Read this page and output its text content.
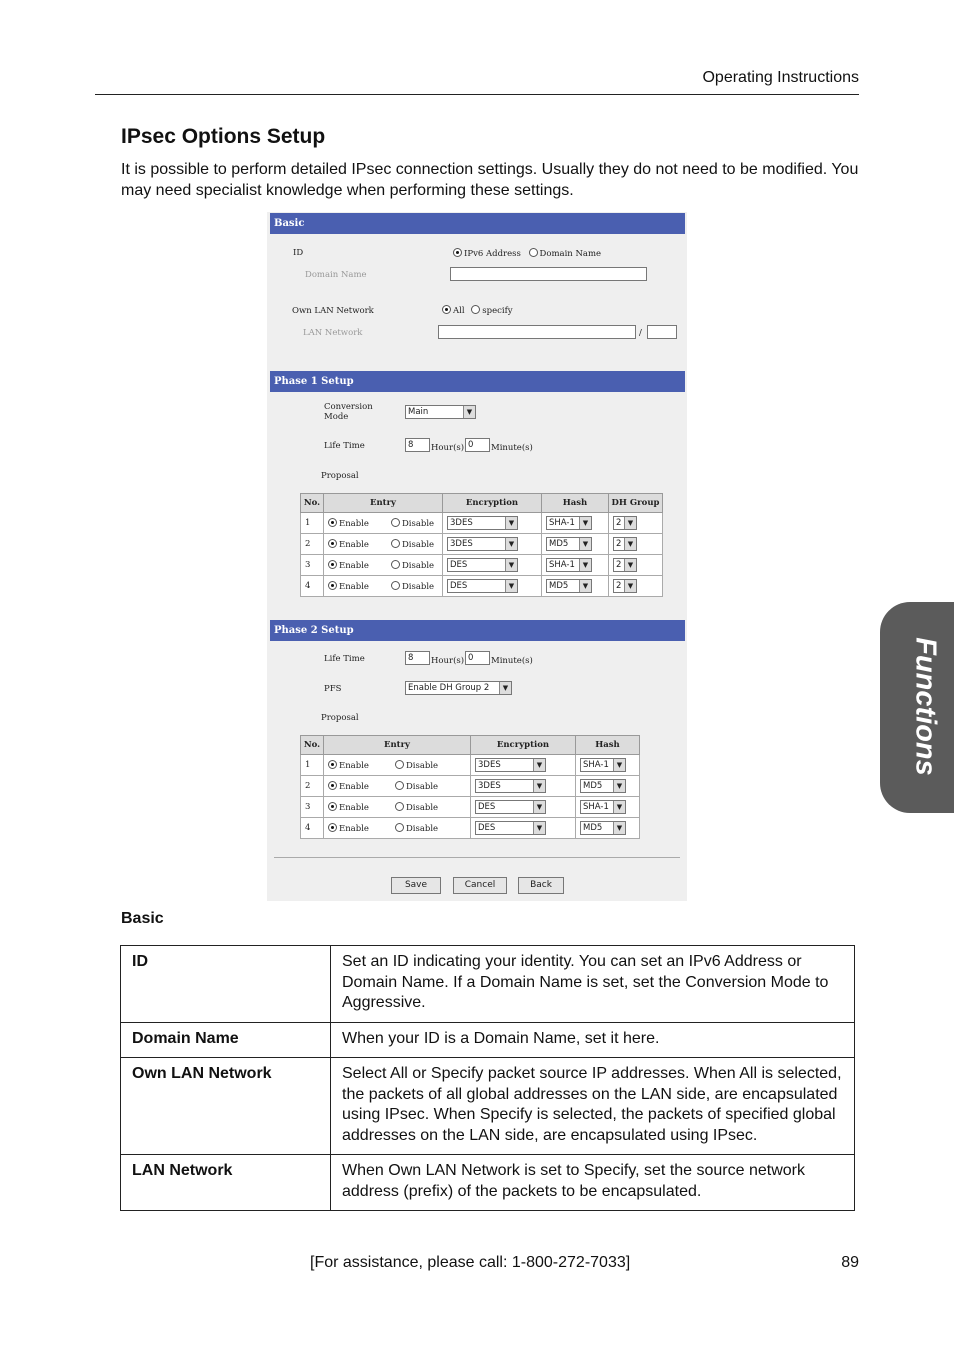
Operating Instructions
IPsec Options Setup

It is possible to perform detailed IPsec connection settings. Usually they do not need to be modified. You may need specialist knowledge when performing these settings.

Basic
ID	IPv6 Address Domain Name
Domain Name
Own LAN Network	All specify
LAN Network	/
Phase 1 Setup
Conversion Mode	Main	▼
Life Time	8	Hour(s) 0	Minute(s)
Proposal
No.	Entry	Encryption	Hash	DH Group
1	Enable Disable	3DES ▼	SHA-1 ▼	2 ▼

2	Enable Disable	3DES ▼	MD5 ▼	2 ▼

3	Enable Disable	DES ▼	SHA-1 ▼	2 ▼

4	Enable Disable	DES ▼	MD5 ▼	2 ▼
Phase 2 Setup
Life Time	8	Hour(s) 0	Minute(s)
PFS	Enable DH Group 2	▼
Proposal
No.	Entry	Encryption	Hash
1	Enable Disable	3DES ▼	SHA-1 ▼

2	Enable Disable	3DES ▼	MD5 ▼

3	Enable Disable	DES ▼	SHA-1 ▼

4	Enable Disable	DES ▼	MD5 ▼
Save	Cancel	Back
Functions
Basic
ID	Set an ID indicating your identity. You can set an IPv6 Address or Domain Name. If a Domain Name is set, set the Conversion Mode to Aggressive.
Domain Name	When your ID is a Domain Name, set it here.
Own LAN Network	Select All or Specify packet source IP addresses. When All is selected, the packets of all global addresses on the LAN side, are encapsulated using IPsec. When Specify is selected, the packets of specified global addresses on the LAN side, are encapsulated using IPsec.
LAN Network	When Own LAN Network is set to Specify, set the source network address (prefix) of the packets to be encapsulated.
[For assistance, please call: 1-800-272-7033]	89
